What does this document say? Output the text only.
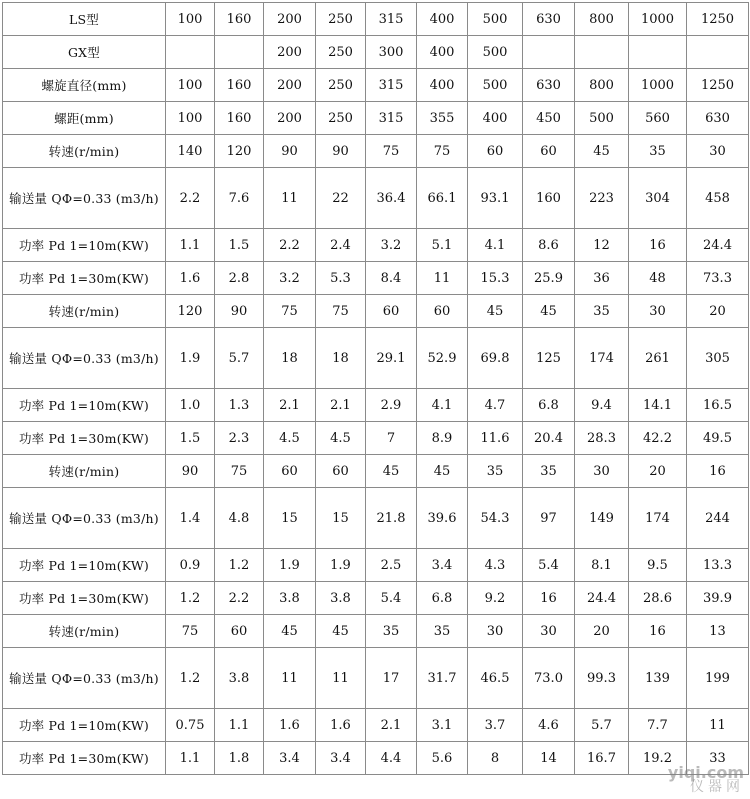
LS型	100	160	200	250	315	400	500	630	800	1000	1250
GX型			200	250	300	400	500				
螺旋直径(mm)	100	160	200	250	315	400	500	630	800	1000	1250
螺距(mm)	100	160	200	250	315	355	400	450	500	560	630
转速(r/min)	140	120	90	90	75	75	60	60	45	35	30
输送量 QΦ=0.33 (m3/h)	2.2	7.6	11	22	36.4	66.1	93.1	160	223	304	458
功率 Pd 1=10m(KW)	1.1	1.5	2.2	2.4	3.2	5.1	4.1	8.6	12	16	24.4
功率 Pd 1=30m(KW)	1.6	2.8	3.2	5.3	8.4	11	15.3	25.9	36	48	73.3
转速(r/min)	120	90	75	75	60	60	45	45	35	30	20
输送量 QΦ=0.33 (m3/h)	1.9	5.7	18	18	29.1	52.9	69.8	125	174	261	305
功率 Pd 1=10m(KW)	1.0	1.3	2.1	2.1	2.9	4.1	4.7	6.8	9.4	14.1	16.5
功率 Pd 1=30m(KW)	1.5	2.3	4.5	4.5	7	8.9	11.6	20.4	28.3	42.2	49.5
转速(r/min)	90	75	60	60	45	45	35	35	30	20	16
输送量 QΦ=0.33 (m3/h)	1.4	4.8	15	15	21.8	39.6	54.3	97	149	174	244
功率 Pd 1=10m(KW)	0.9	1.2	1.9	1.9	2.5	3.4	4.3	5.4	8.1	9.5	13.3
功率 Pd 1=30m(KW)	1.2	2.2	3.8	3.8	5.4	6.8	9.2	16	24.4	28.6	39.9
转速(r/min)	75	60	45	45	35	35	30	30	20	16	13
输送量 QΦ=0.33 (m3/h)	1.2	3.8	11	11	17	31.7	46.5	73.0	99.3	139	199
功率 Pd 1=10m(KW)	0.75	1.1	1.6	1.6	2.1	3.1	3.7	4.6	5.7	7.7	11
功率 Pd 1=30m(KW)	1.1	1.8	3.4	3.4	4.4	5.6	8	14	16.7	19.2	33
yiqi.com
仪器网
